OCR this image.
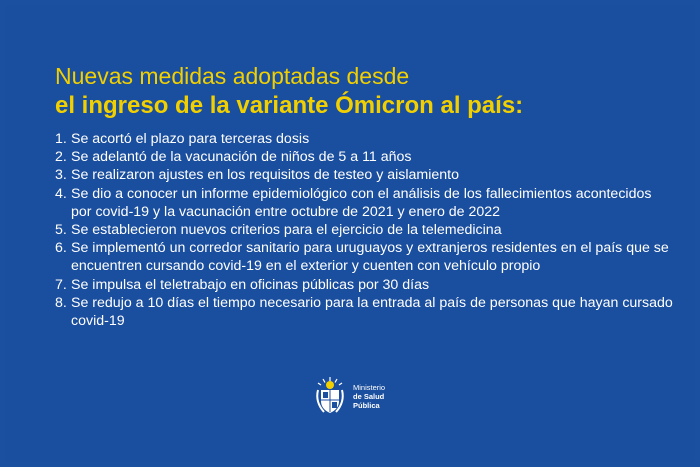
Nuevas medidas adoptadas desde
el ingreso de la variante Ómicron al país:
1. Se acortó el plazo para terceras dosis
2. Se adelantó de la vacunación de niños de 5 a 11 años
3. Se realizaron ajustes en los requisitos de testeo y aislamiento
4. Se dio a conocer un informe epidemiológico con el análisis de los fallecimientos acontecidos por covid-19 y la vacunación entre octubre de 2021 y enero de 2022
5. Se establecieron nuevos criterios para el ejercicio de la telemedicina
6. Se implementó un corredor sanitario para uruguayos y extranjeros residentes en el país que se encuentren cursando covid-19 en el exterior y cuenten con vehículo propio
7. Se impulsa el teletrabajo en oficinas públicas por 30 días
8. Se redujo a 10 días el tiempo necesario para la entrada al país de personas que hayan cursado covid-19
Ministerio
de Salud
Pública
